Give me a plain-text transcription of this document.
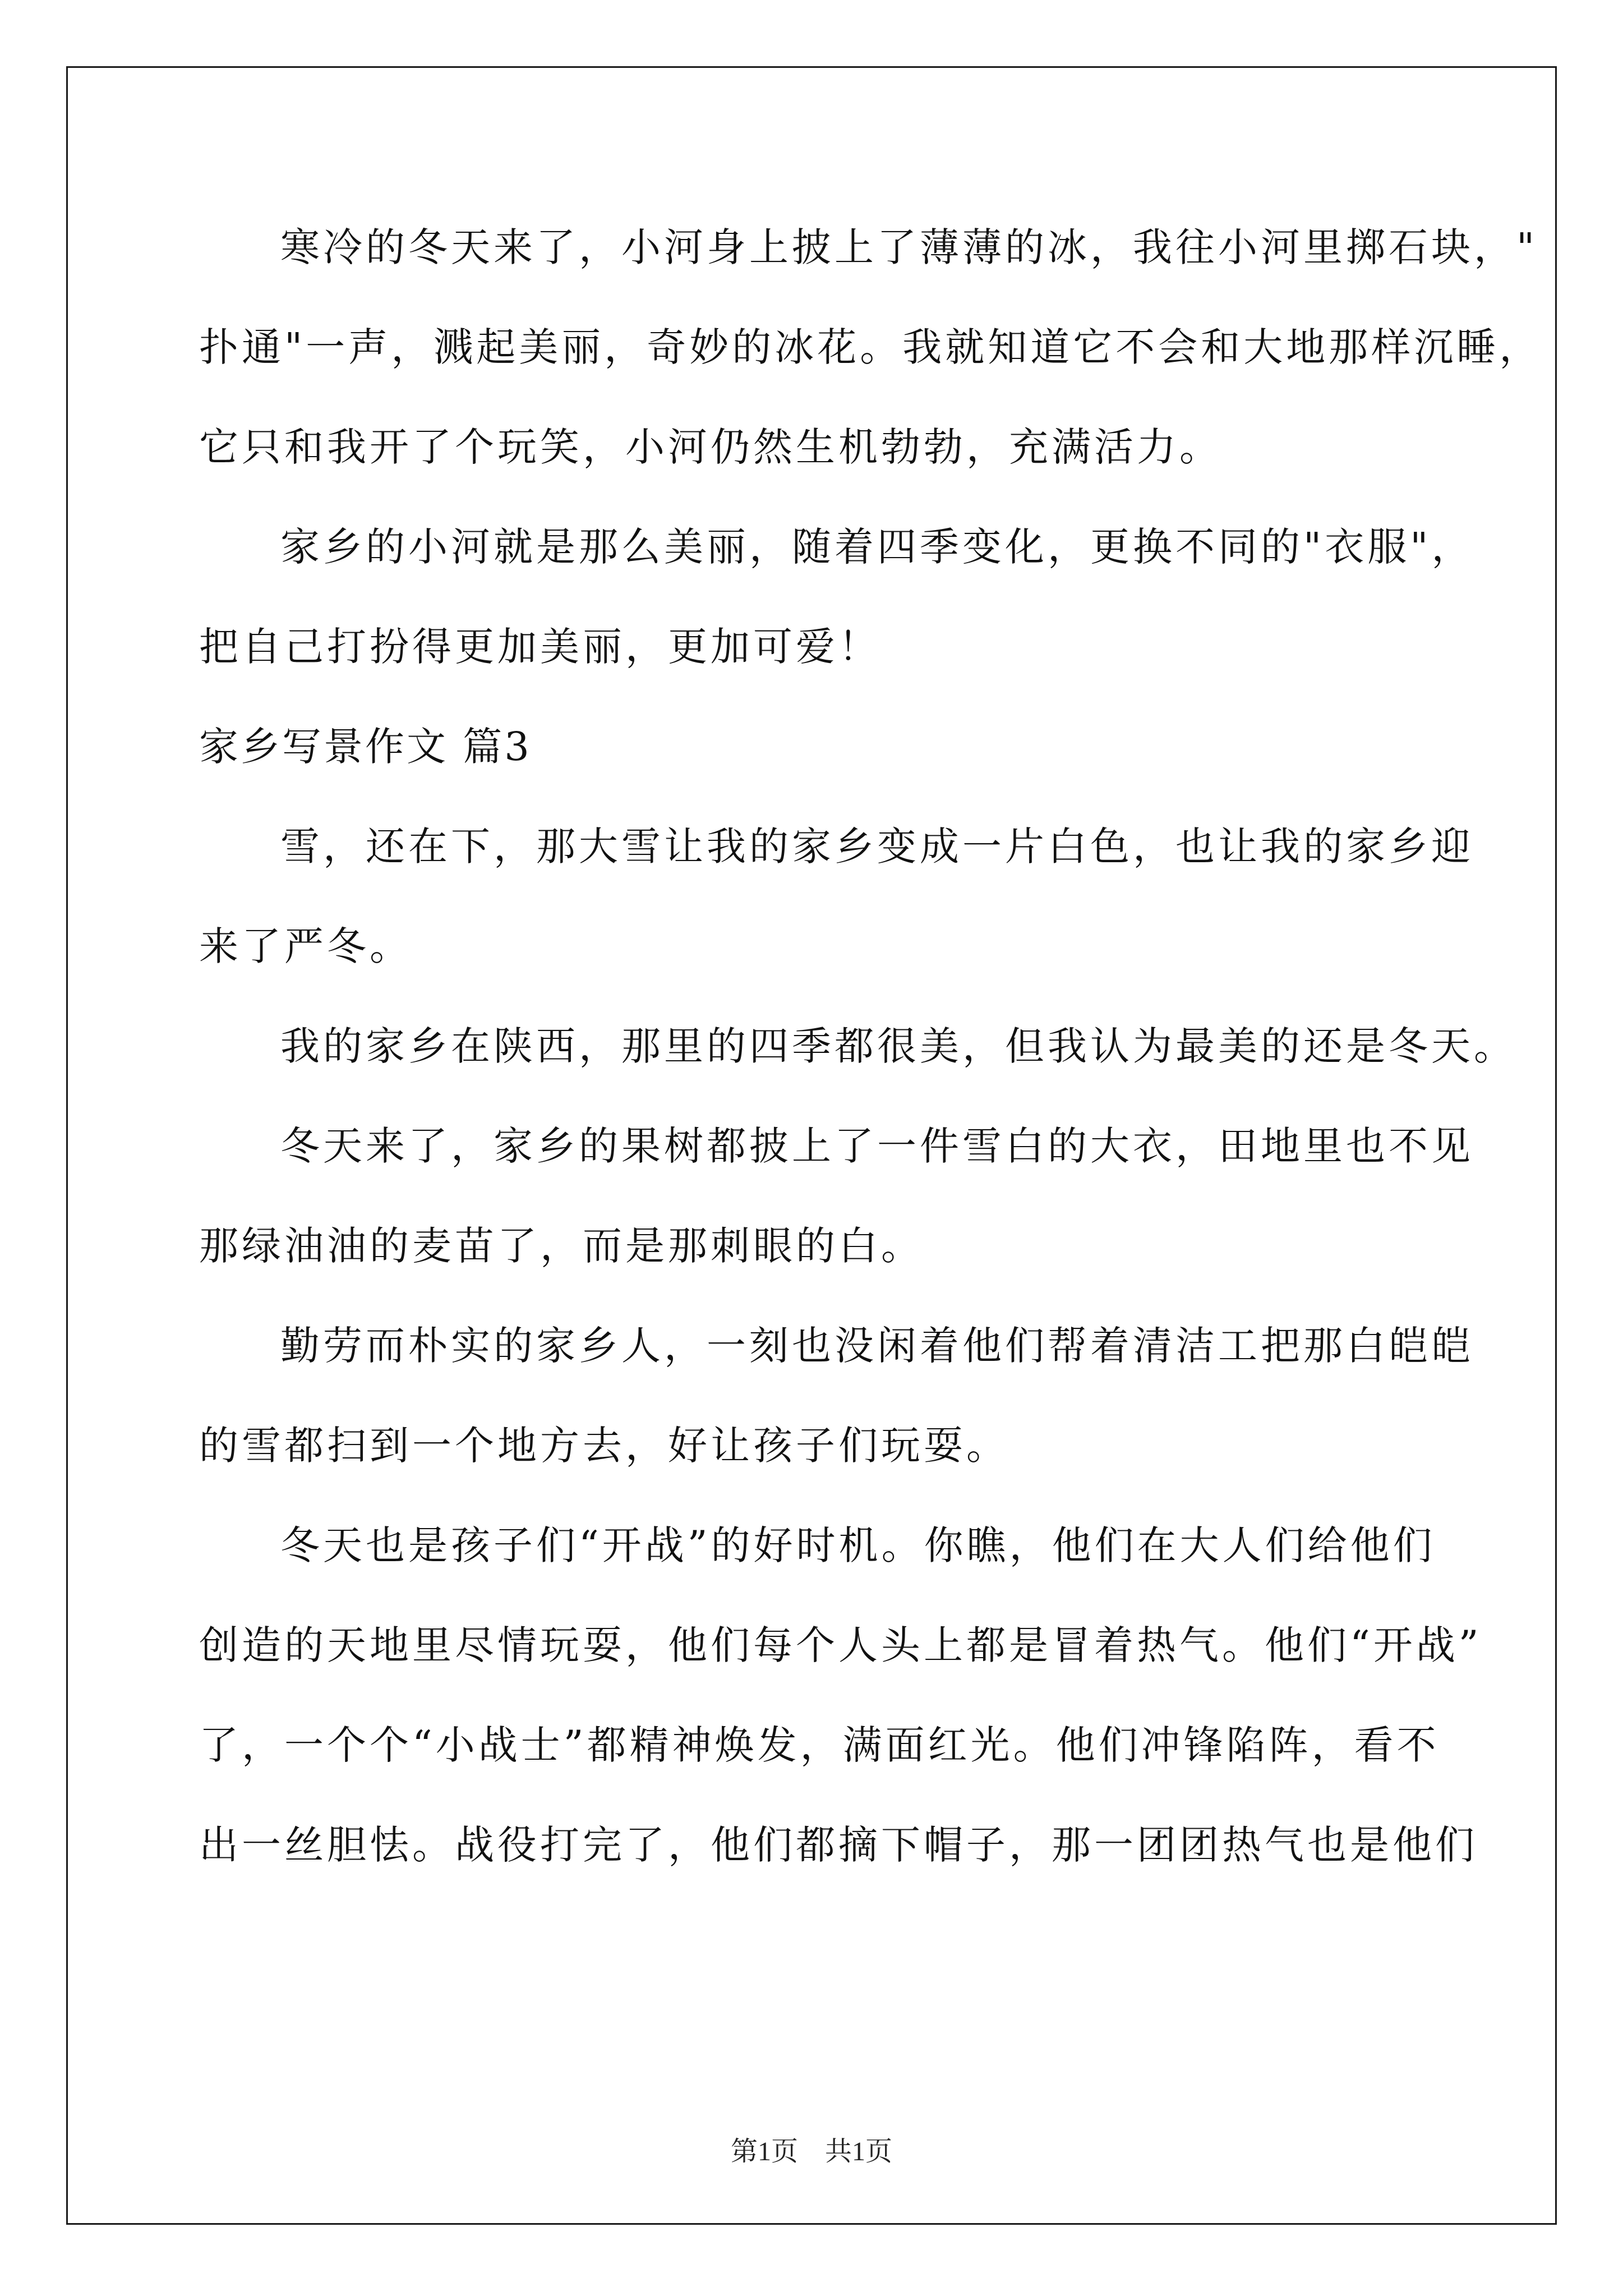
寒冷的冬天来了，小河身上披上了薄薄的冰，我往小河里掷石块，"
扑通"一声，溅起美丽，奇妙的冰花。我就知道它不会和大地那样沉睡，
它只和我开了个玩笑，小河仍然生机勃勃，充满活力。
家乡的小河就是那么美丽，随着四季变化，更换不同的"衣服"，
把自己打扮得更加美丽，更加可爱！
家乡写景作文 篇3
雪，还在下，那大雪让我的家乡变成一片白色，也让我的家乡迎
来了严冬。
我的家乡在陕西，那里的四季都很美，但我认为最美的还是冬天。
冬天来了，家乡的果树都披上了一件雪白的大衣，田地里也不见
那绿油油的麦苗了，而是那刺眼的白。
勤劳而朴实的家乡人，一刻也没闲着他们帮着清洁工把那白皑皑
的雪都扫到一个地方去，好让孩子们玩耍。
冬天也是孩子们“开战”的好时机。你瞧，他们在大人们给他们
创造的天地里尽情玩耍，他们每个人头上都是冒着热气。他们“开战”
了，一个个“小战士”都精神焕发，满面红光。他们冲锋陷阵，看不
出一丝胆怯。战役打完了，他们都摘下帽子，那一团团热气也是他们
第1页    共1页
